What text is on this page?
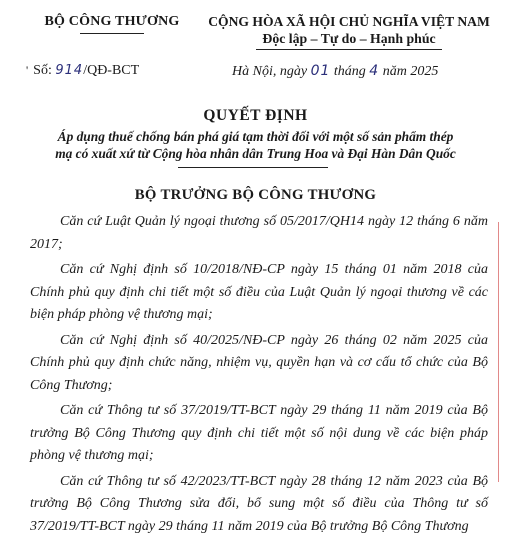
BỘ CÔNG THƯƠNG	CỘNG HÒA XÃ HỘI CHỦ NGHĨA VIỆT NAM
Độc lập – Tự do – Hạnh phúc
' Số: 914/QĐ-BCT	Hà Nội, ngày 01 tháng 4 năm 2025
QUYẾT ĐỊNH
Áp dụng thuế chống bán phá giá tạm thời đối với một số sản phẩm thép
mạ có xuất xứ từ Cộng hòa nhân dân Trung Hoa và Đại Hàn Dân Quốc
BỘ TRƯỞNG BỘ CÔNG THƯƠNG

Căn cứ Luật Quản lý ngoại thương số 05/2017/QH14 ngày 12 tháng 6 năm 2017;

Căn cứ Nghị định số 10/2018/NĐ-CP ngày 15 tháng 01 năm 2018 của Chính phủ quy định chi tiết một số điều của Luật Quản lý ngoại thương về các biện pháp phòng vệ thương mại;

Căn cứ Nghị định số 40/2025/NĐ-CP ngày 26 tháng 02 năm 2025 của Chính phủ quy định chức năng, nhiệm vụ, quyền hạn và cơ cấu tổ chức của Bộ Công Thương;

Căn cứ Thông tư số 37/2019/TT-BCT ngày 29 tháng 11 năm 2019 của Bộ trưởng Bộ Công Thương quy định chi tiết một số nội dung về các biện pháp phòng vệ thương mại;

Căn cứ Thông tư số 42/2023/TT-BCT ngày 28 tháng 12 năm 2023 của Bộ trưởng Bộ Công Thương sửa đổi, bổ sung một số điều của Thông tư số 37/2019/TT-BCT ngày 29 tháng 11 năm 2019 của Bộ trưởng Bộ Công Thương
